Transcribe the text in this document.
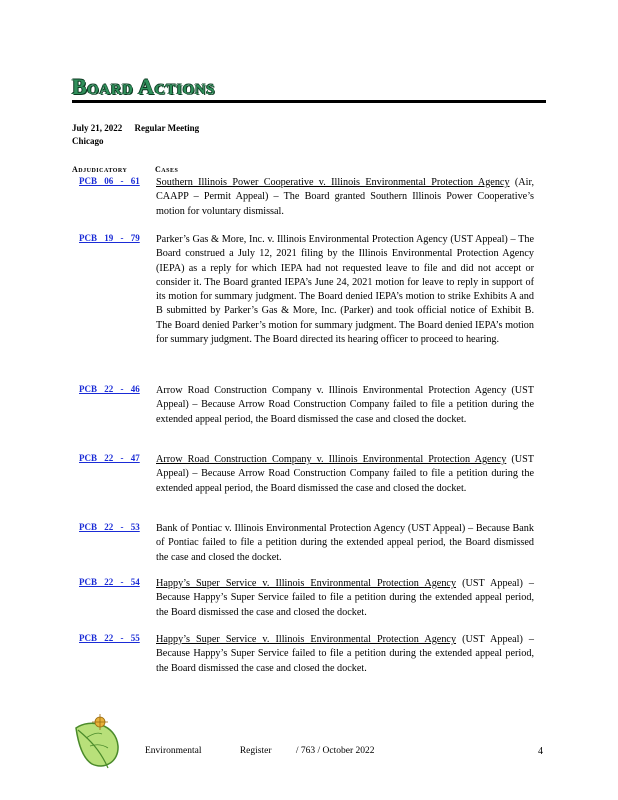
Board Actions
July 21, 2022 Regular Meeting
Chicago
Adjudicatory	Cases
PCB 06 - 61 Southern Illinois Power Cooperative v. Illinois Environmental Protection Agency (Air, CAAPP – Permit Appeal) – The Board granted Southern Illinois Power Cooperative’s motion for voluntary dismissal.
PCB 19 - 79 Parker’s Gas & More, Inc. v. Illinois Environmental Protection Agency (UST Appeal) – The Board construed a July 12, 2021 filing by the Illinois Environmental Protection Agency (IEPA) as a reply for which IEPA had not requested leave to file and did not accept or consider it. The Board granted IEPA’s June 24, 2021 motion for leave to reply in support of its motion for summary judgment. The Board denied IEPA’s motion to strike Exhibits A and B submitted by Parker’s Gas & More, Inc. (Parker) and took official notice of Exhibit B. The Board denied Parker’s motion for summary judgment. The Board denied IEPA’s motion for summary judgment. The Board directed its hearing officer to proceed to hearing.
PCB 22 - 46 Arrow Road Construction Company v. Illinois Environmental Protection Agency (UST Appeal) – Because Arrow Road Construction Company failed to file a petition during the extended appeal period, the Board dismissed the case and closed the docket.
PCB 22 - 47 Arrow Road Construction Company v. Illinois Environmental Protection Agency (UST Appeal) – Because Arrow Road Construction Company failed to file a petition during the extended appeal period, the Board dismissed the case and closed the docket.
PCB 22 - 53 Bank of Pontiac v. Illinois Environmental Protection Agency (UST Appeal) – Because Bank of Pontiac failed to file a petition during the extended appeal period, the Board dismissed the case and closed the docket.
PCB 22 - 54 Happy’s Super Service v. Illinois Environmental Protection Agency (UST Appeal) – Because Happy’s Super Service failed to file a petition during the extended appeal period, the Board dismissed the case and closed the docket.
PCB 22 - 55 Happy’s Super Service v. Illinois Environmental Protection Agency (UST Appeal) – Because Happy’s Super Service failed to file a petition during the extended appeal period, the Board dismissed the case and closed the docket.
Environmental	Register	/ 763 / October 2022	4
